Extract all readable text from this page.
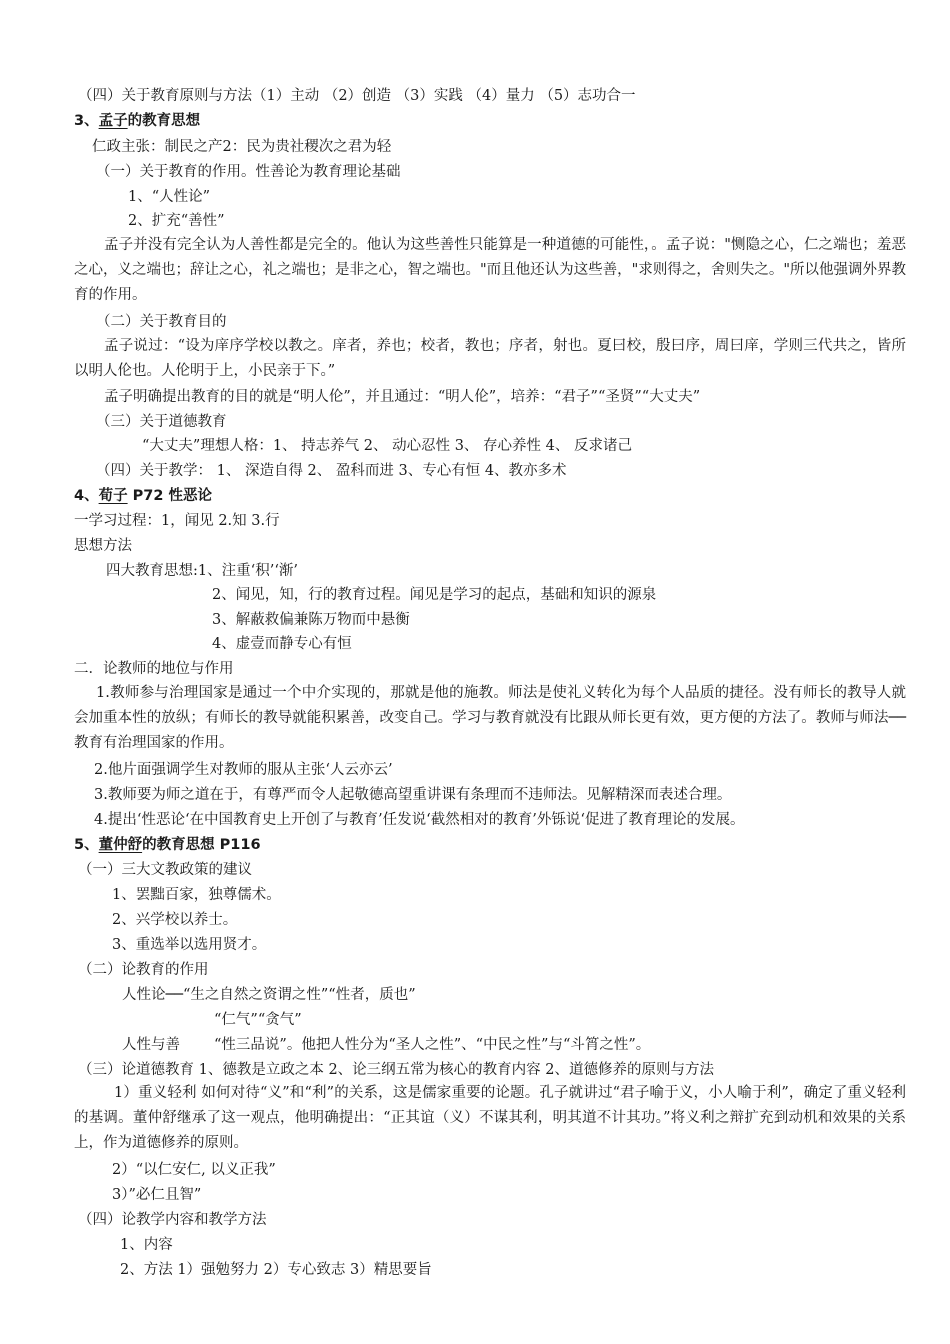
（四）关于教育原则与方法（1）主动 （2）创造 （3）实践 （4）量力 （5）志功合一
3、孟子的教育思想
仁政主张：制民之产2：民为贵社稷次之君为轻
（一）关于教育的作用。性善论为教育理论基础
1、“人性论”
2、扩充“善性”
孟子并没有完全认为人善性都是完全的。他认为这些善性只能算是一种道德的可能性，。孟子说："恻隐之心，仁之端也；羞恶之心，义之端也；辞让之心，礼之端也；是非之心，智之端也。"而且他还认为这些善，"求则得之，舍则失之。"所以他强调外界教育的作用。
（二）关于教育目的
孟子说过：“设为庠序学校以教之。庠者，养也；校者，教也；序者，射也。夏曰校，殷曰序，周曰庠，学则三代共之，皆所以明人伦也。人伦明于上，小民亲于下。”
孟子明确提出教育的目的就是“明人伦”，并且通过：“明人伦”，培养：“君子”“圣贤”“大丈夫”
（三）关于道德教育
“大丈夫”理想人格：1、 持志养气 2、 动心忍性 3、 存心养性 4、 反求诸己
（四）关于教学： 1、 深造自得 2、 盈科而进 3、专心有恒 4、教亦多术
4、荀子 P72 性恶论
一学习过程：1，闻见 2.知 3.行
思想方法
四大教育思想:1、注重‘积’‘渐’
2、闻见，知，行的教育过程。闻见是学习的起点，基础和知识的源泉
3、解蔽救偏兼陈万物而中悬衡
4、虚壹而静专心有恒
二．论教师的地位与作用
1.教师参与治理国家是通过一个中介实现的，那就是他的施教。师法是使礼义转化为每个人品质的捷径。没有师长的教导人就会加重本性的放纵；有师长的教导就能积累善，改变自己。学习与教育就没有比跟从师长更有效，更方便的方法了。教师与师法──教育有治理国家的作用。
2.他片面强调学生对教师的服从主张‘人云亦云’
3.教师要为师之道在于，有尊严而令人起敬德高望重讲课有条理而不违师法。见解精深而表述合理。
4.提出‘性恶论‘在中国教育史上开创了与教育’任发说‘截然相对的教育’外铄说‘促进了教育理论的发展。
5、董仲舒的教育思想 P116
（一）三大文教政策的建议
1、罢黜百家，独尊儒术。
2、兴学校以养士。
3、重选举以选用贤才。
（二）论教育的作用
人性论──“生之自然之资谓之性”“性者，质也”
“仁气”“贪气”
人性与善 “性三品说”。他把人性分为“圣人之性”、“中民之性”与“斗筲之性”。
（三）论道德教育 1、德教是立政之本 2、论三纲五常为核心的教育内容 2、道德修养的原则与方法
1）重义轻利 如何对待“义”和“利”的关系，这是儒家重要的论题。孔子就讲过“君子喻于义，小人喻于利”，确定了重义轻利的基调。董仲舒继承了这一观点，他明确提出：“正其谊（义）不谋其利，明其道不计其功。”将义利之辩扩充到动机和效果的关系上，作为道德修养的原则。
2）“以仁安仁, 以义正我”
3）”必仁且智”
（四）论教学内容和教学方法
1、内容
2、方法 1）强勉努力 2）专心致志 3）精思要旨
